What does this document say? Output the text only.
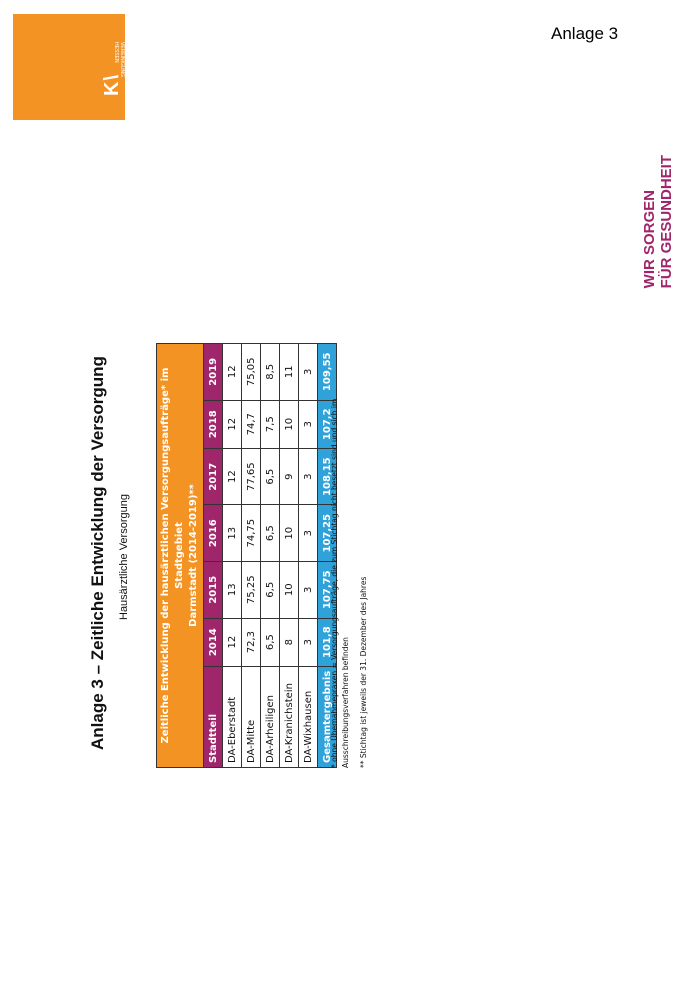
K\ |
KASSENÄRZTLICHE
VEREINIGUNG
HESSEN
Anlage 3
WIR SORGEN FÜR GESUNDHEIT
Anlage 3 – Zeitliche Entwicklung der Versorgung Hausärztliche Versorgung	Zeitliche Entwicklung der hausärztlichen Versorgungsaufträge* im Stadtgebiet Darmstadt (2014-2019)**						

Stadtteil	2014	2015	2016	2017	2018	2019
DA-Eberstadt	12	13	13	12	12	12
DA-Mitte	72,3	75,25	74,75	77,65	74,7	75,05
DA-Arheiligen	6,5	6,5	6,5	6,5	7,5	8,5
DA-Kranichstein	8	10	10	9	10	11
DA-Wixhausen	3	3	3	3	3	3
Gesamtergebnis	101,8	107,75	107,25	108,15	107,2	109,55
* ohne Übernahmepraxen = Versorgungsaufträge, die zum Stichtag nicht besetzt sind und sich im Ausschreibungsverfahren befinden ** Stichtag ist jeweils der 31. Dezember des Jahres
